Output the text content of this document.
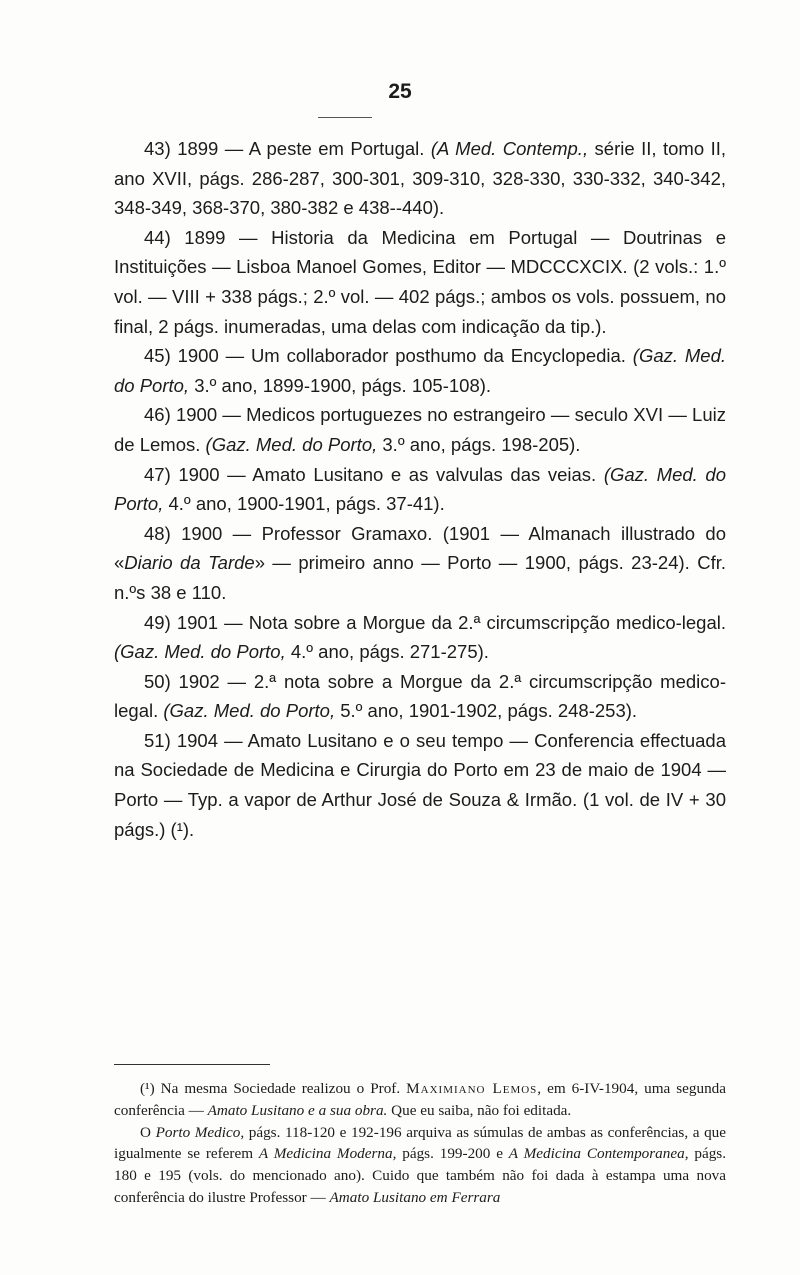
25

43) 1899 — A peste em Portugal. (A Med. Contemp., série II, tomo II, ano XVII, págs. 286-287, 300-301, 309-310, 328-330, 330-332, 340-342, 348-349, 368-370, 380-382 e 438--440).

44) 1899 — Historia da Medicina em Portugal — Doutrinas e Instituições — Lisboa Manoel Gomes, Editor — MDCCCXCIX. (2 vols.: 1.º vol. — VIII + 338 págs.; 2.º vol. — 402 págs.; ambos os vols. possuem, no final, 2 págs. inumeradas, uma delas com indicação da tip.).

45) 1900 — Um collaborador posthumo da Encyclopedia. (Gaz. Med. do Porto, 3.º ano, 1899-1900, págs. 105-108).

46) 1900 — Medicos portuguezes no estrangeiro — seculo XVI — Luiz de Lemos. (Gaz. Med. do Porto, 3.º ano, págs. 198-205).

47) 1900 — Amato Lusitano e as valvulas das veias. (Gaz. Med. do Porto, 4.º ano, 1900-1901, págs. 37-41).

48) 1900 — Professor Gramaxo. (1901 — Almanach illustrado do «Diario da Tarde» — primeiro anno — Porto — 1900, págs. 23-24). Cfr. n.ºs 38 e 110.

49) 1901 — Nota sobre a Morgue da 2.ª circumscripção medico-legal. (Gaz. Med. do Porto, 4.º ano, págs. 271-275).

50) 1902 — 2.ª nota sobre a Morgue da 2.ª circumscripção medico-legal. (Gaz. Med. do Porto, 5.º ano, 1901-1902, págs. 248-253).

51) 1904 — Amato Lusitano e o seu tempo — Conferencia effectuada na Sociedade de Medicina e Cirurgia do Porto em 23 de maio de 1904 — Porto — Typ. a vapor de Arthur José de Souza & Irmão. (1 vol. de IV + 30 págs.) (¹).

(¹) Na mesma Sociedade realizou o Prof. Maximiano Lemos, em 6-IV-1904, uma segunda conferência — Amato Lusitano e a sua obra. Que eu saiba, não foi editada.

O Porto Medico, págs. 118-120 e 192-196 arquiva as súmulas de ambas as conferências, a que igualmente se referem A Medicina Moderna, págs. 199-200 e A Medicina Contemporanea, págs. 180 e 195 (vols. do mencionado ano). Cuido que também não foi dada à estampa uma nova conferência do ilustre Professor — Amato Lusitano em Ferrara
